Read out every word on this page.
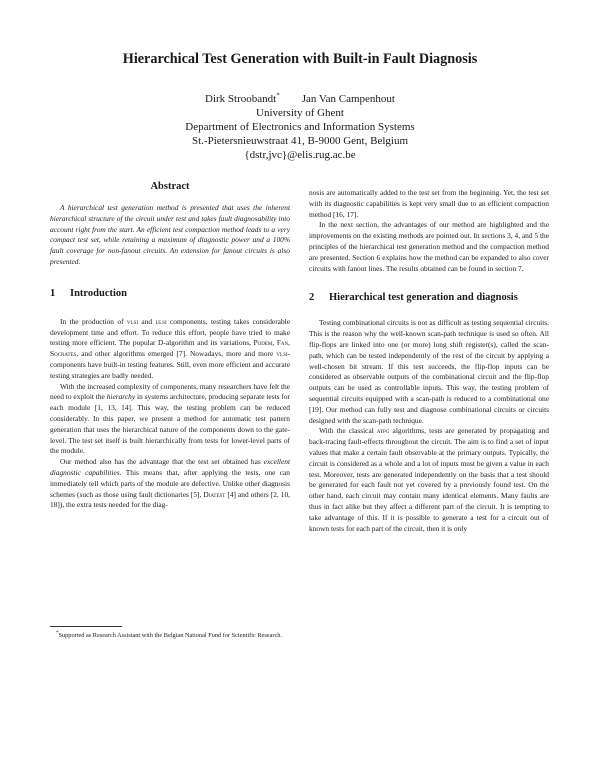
Hierarchical Test Generation with Built-in Fault Diagnosis
Dirk Stroobandt* Jan Van Campenhout
University of Ghent
Department of Electronics and Information Systems
St.-Pietersnieuwstraat 41, B-9000 Gent, Belgium
{dstr,jvc}@elis.rug.ac.be
Abstract

A hierarchical test generation method is presented that uses the inherent hierarchical structure of the circuit under test and takes fault diagnosability into account right from the start. An efficient test compaction method leads to a very compact test set, while retaining a maximum of diagnostic power and a 100% fault coverage for non-fanout circuits. An extension for fanout circuits is also presented.

1 Introduction

In the production of vlsi and ulsi components, testing takes considerable development time and effort. To reduce this effort, people have tried to make testing more efficient. The popular D-algorithm and its variations, Podem, Fan, Socrates, and other algorithms emerged [7]. Nowadays, more and more vlsi-components have built-in testing features. Still, even more efficient and accurate testing strategies are badly needed.

With the increased complexity of components, many researchers have felt the need to exploit the hierarchy in systems architecture, producing separate tests for each module [1, 13, 14]. This way, the testing problem can be reduced considerably. In this paper, we present a method for automatic test pattern generation that uses the hierarchical nature of the components down to the gate-level. The test set itself is built hierarchically from tests for lower-level parts of the module.

Our method also has the advantage that the test set obtained has excellent diagnostic capabilities. This means that, after applying the tests, one can immediately tell which parts of the module are defective. Unlike other diagnosis schemes (such as those using fault dictionaries [5], Diatest [4] and others [2, 10, 18]), the extra tests needed for the diag-

*Supported as Research Assistant with the Belgian National Fund for Scientific Research.

nosis are automatically added to the test set from the beginning. Yet, the test set with its diagnostic capabilities is kept very small due to an efficient compaction method [16, 17].

In the next section, the advantages of our method are highlighted and the improvements on the existing methods are pointed out. In sections 3, 4, and 5 the principles of the hierarchical test generation method and the compaction method are presented. Section 6 explains how the method can be expanded to also cover circuits with fanout lines. The results obtained can be found in section 7.

2 Hierarchical test generation and diagnosis

Testing combinational circuits is not as difficult as testing sequential circuits. This is the reason why the well-known scan-path technique is used so often. All flip-flops are linked into one (or more) long shift register(s), called the scan-path, which can be tested independently of the rest of the circuit by applying a well-chosen bit stream. If this test succeeds, the flip-flop inputs can be considered as observable outputs of the combinational circuit and the flip-flop outputs can be used as controllable inputs. This way, the testing problem of sequential circuits equipped with a scan-path is reduced to a combinational one [19]. Our method can fully test and diagnose combinational circuits or circuits designed with the scan-path technique.

With the classical atpg algorithms, tests are generated by propagating and back-tracing fault-effects throughout the circuit. The aim is to find a set of input values that make a certain fault observable at the primary outputs. Typically, the circuit is considered as a whole and a lot of inputs must be given a value in each test. Moreover, tests are generated independently on the basis that a test should be generated for each fault not yet covered by a previously found test. On the other hand, each circuit may contain many identical elements. Many faults are thus in fact alike but they affect a different part of the circuit. It is tempting to take advantage of this. If it is possible to generate a test for a circuit out of known tests for each part of the circuit, then it is only
